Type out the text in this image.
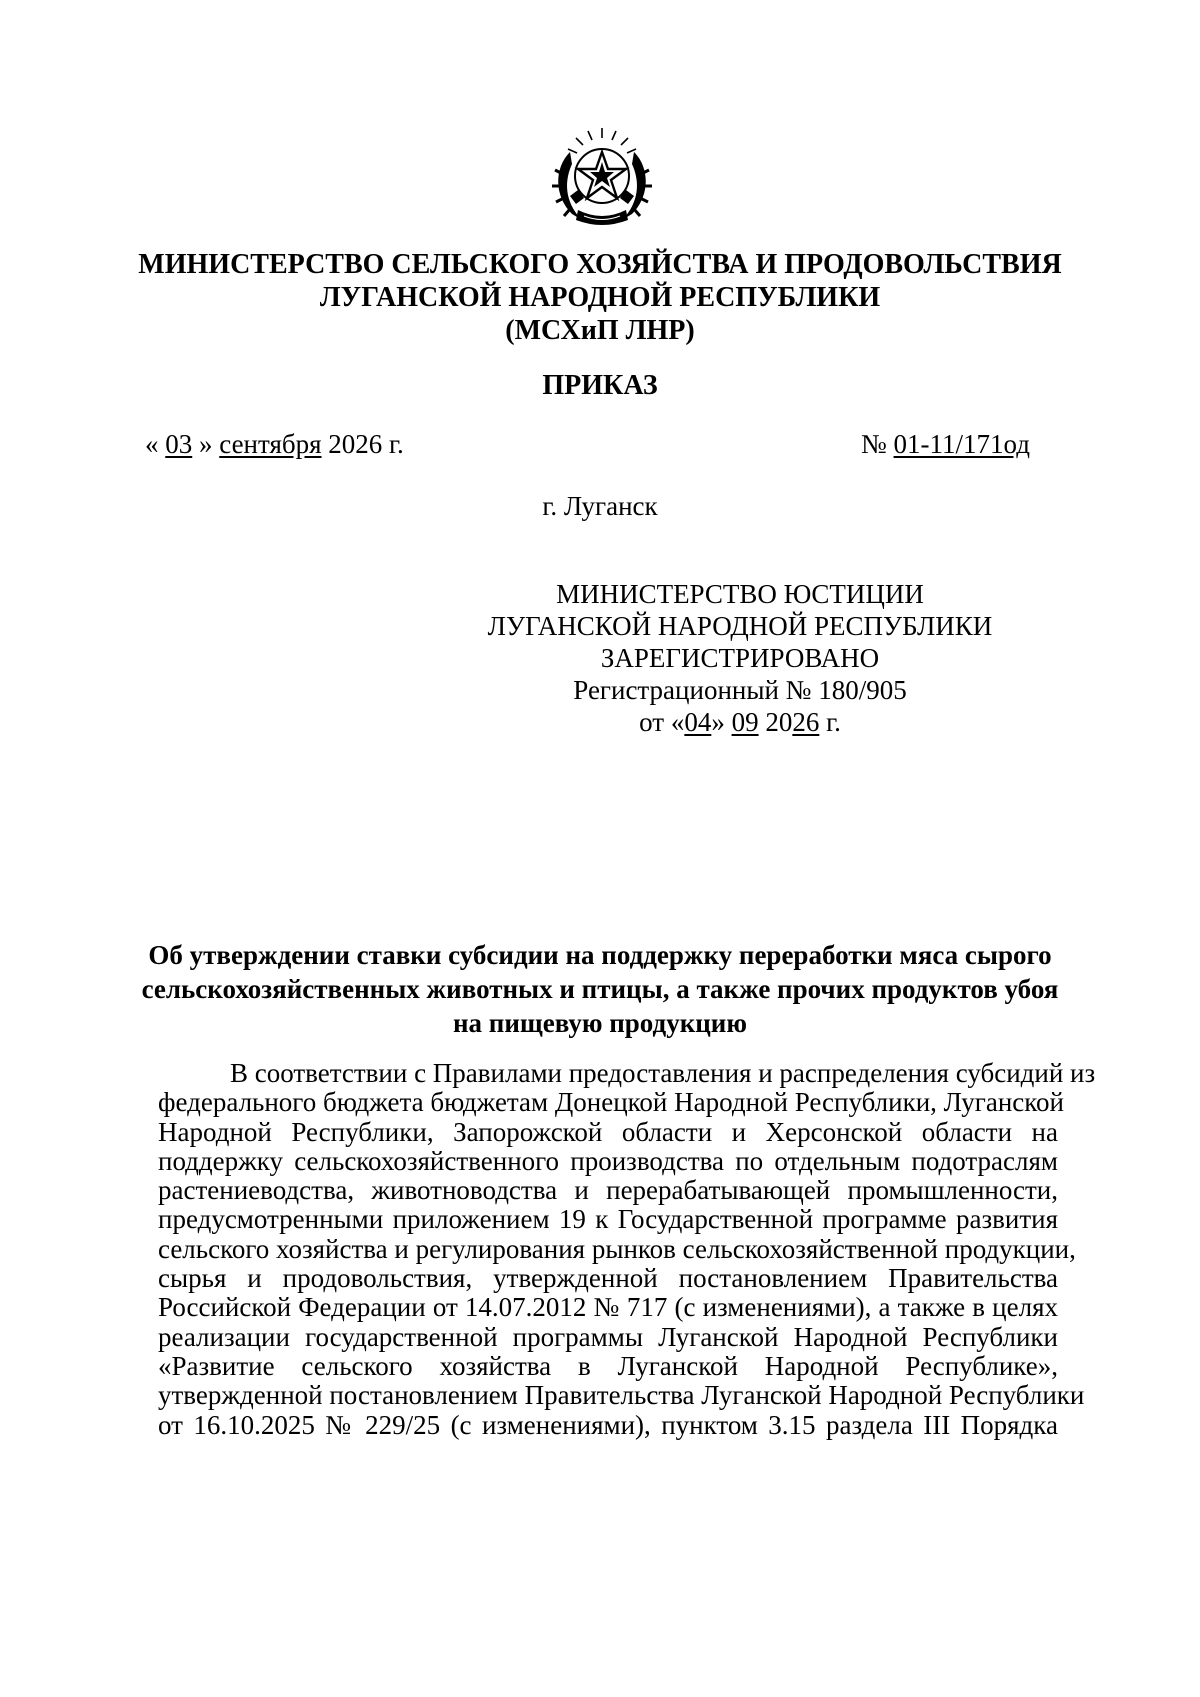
МИНИСТЕРСТВО СЕЛЬСКОГО ХОЗЯЙСТВА И ПРОДОВОЛЬСТВИЯ
ЛУГАНСКОЙ НАРОДНОЙ РЕСПУБЛИКИ
(МСХиП ЛНР)
ПРИКАЗ
« 03 » сентября 2026 г.	№ 01-11/171од
г. Луганск
МИНИСТЕРСТВО ЮСТИЦИИ
ЛУГАНСКОЙ НАРОДНОЙ РЕСПУБЛИКИ
ЗАРЕГИСТРИРОВАНО
Регистрационный № 180/905
от «04» 09 2026 г.
Об утверждении ставки субсидии на поддержку переработки мяса сырого
сельскохозяйственных животных и птицы, а также прочих продуктов убоя
на пищевую продукцию
В соответствии с Правилами предоставления и распределения субсидий из
федерального бюджета бюджетам Донецкой Народной Республики, Луганской
Народной Республики, Запорожской области и Херсонской области на
поддержку сельскохозяйственного производства по отдельным подотраслям
растениеводства, животноводства и перерабатывающей промышленности,
предусмотренными приложением 19 к Государственной программе развития
сельского хозяйства и регулирования рынков сельскохозяйственной продукции,
сырья и продовольствия, утвержденной постановлением Правительства
Российской Федерации от 14.07.2012 № 717 (с изменениями), а также в целях
реализации государственной программы Луганской Народной Республики
«Развитие сельского хозяйства в Луганской Народной Республике»,
утвержденной постановлением Правительства Луганской Народной Республики
от 16.10.2025 № 229/25 (с изменениями), пунктом 3.15 раздела III Порядка
